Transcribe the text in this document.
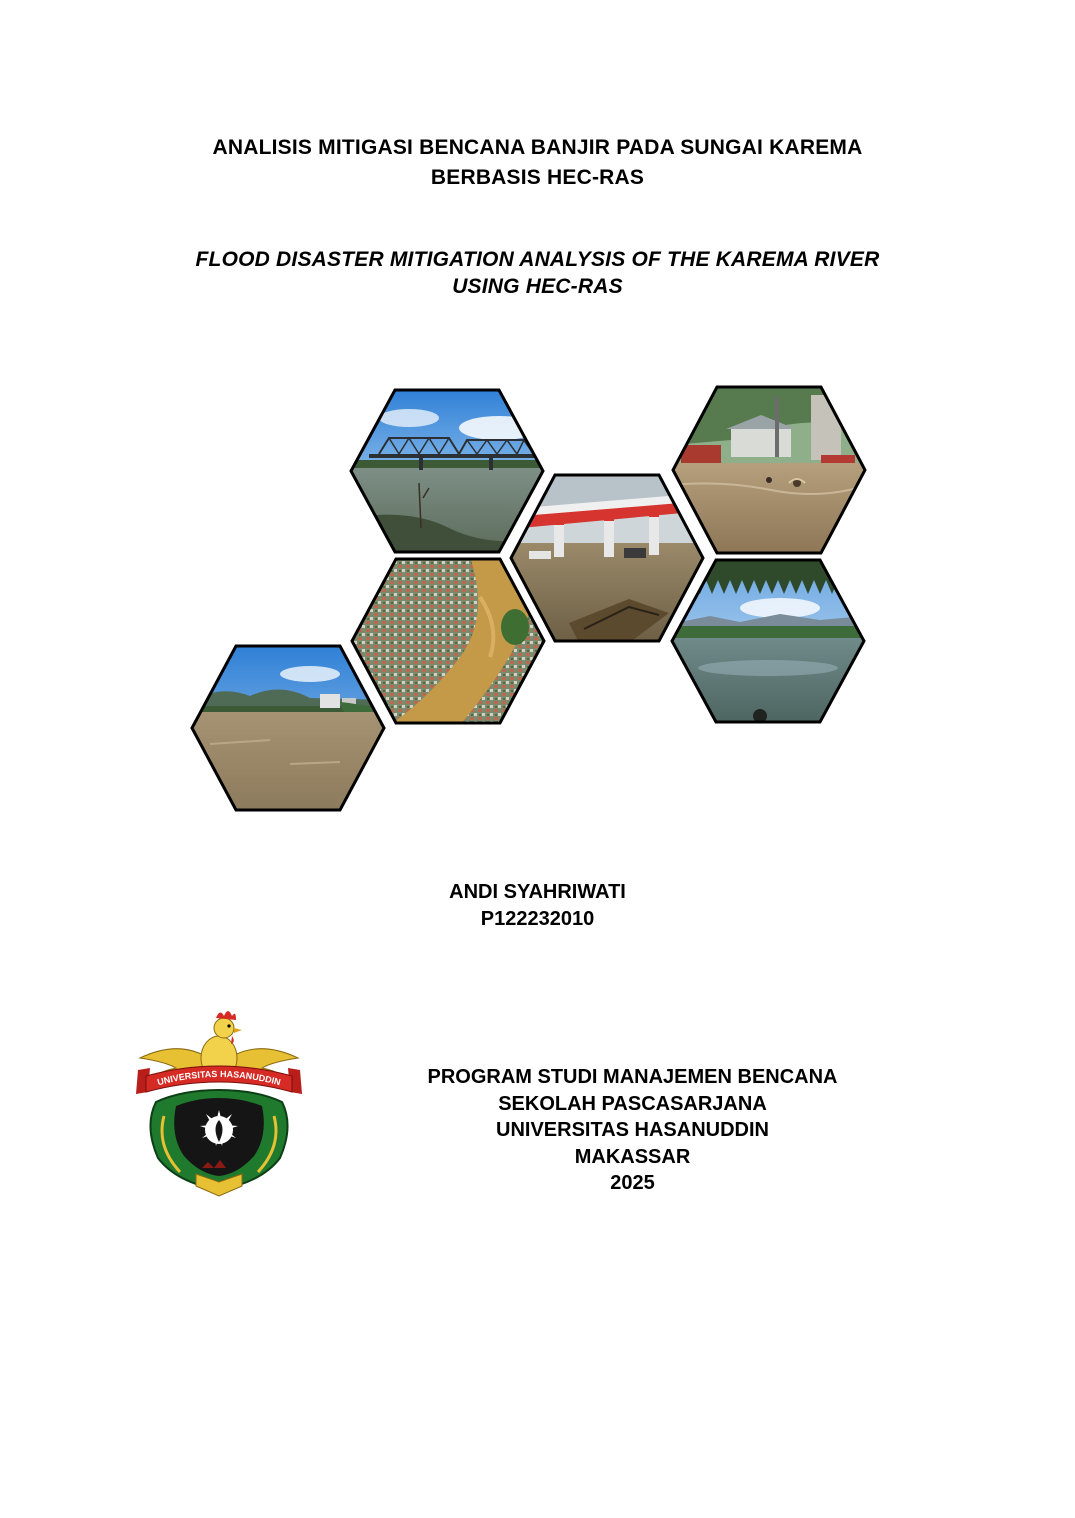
ANALISIS MITIGASI BENCANA BANJIR PADA SUNGAI KAREMA
BERBASIS HEC-RAS
FLOOD DISASTER MITIGATION ANALYSIS OF THE KAREMA RIVER
USING HEC-RAS
ANDI SYAHRIWATI
P122232010
UNIVERSITAS HASANUDDIN	PROGRAM STUDI MANAJEMEN BENCANA
SEKOLAH PASCASARJANA
UNIVERSITAS HASANUDDIN
MAKASSAR
2025
